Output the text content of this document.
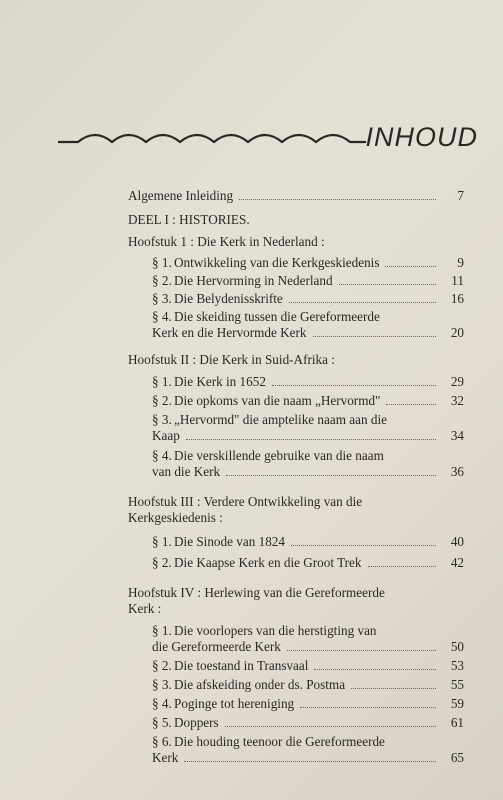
INHOUD
Algemene Inleiding	7
DEEL I : HISTORIES.
Hoofstuk 1 : Die Kerk in Nederland :
§ 1. Ontwikkeling van die Kerkgeskiedenis	9
§ 2. Die Hervorming in Nederland	11
§ 3. Die Belydenisskrifte	16
§ 4. Die skeiding tussen die Gereformeerde
Kerk en die Hervormde Kerk	20
Hoofstuk II : Die Kerk in Suid-Afrika :
§ 1. Die Kerk in 1652	29
§ 2. Die opkoms van die naam „Hervormd"	32
§ 3. „Hervormd" die amptelike naam aan die
Kaap	34
§ 4. Die verskillende gebruike van die naam
van die Kerk	36
Hoofstuk III : Verdere Ontwikkeling van die
Kerkgeskiedenis :
§ 1. Die Sinode van 1824	40
§ 2. Die Kaapse Kerk en die Groot Trek	42
Hoofstuk IV : Herlewing van die Gereformeerde
Kerk :
§ 1. Die voorlopers van die herstigting van
die Gereformeerde Kerk	50
§ 2. Die toestand in Transvaal	53
§ 3. Die afskeiding onder ds. Postma	55
§ 4. Poginge tot hereniging	59
§ 5. Doppers	61
§ 6. Die houding teenoor die Gereformeerde
Kerk	65
